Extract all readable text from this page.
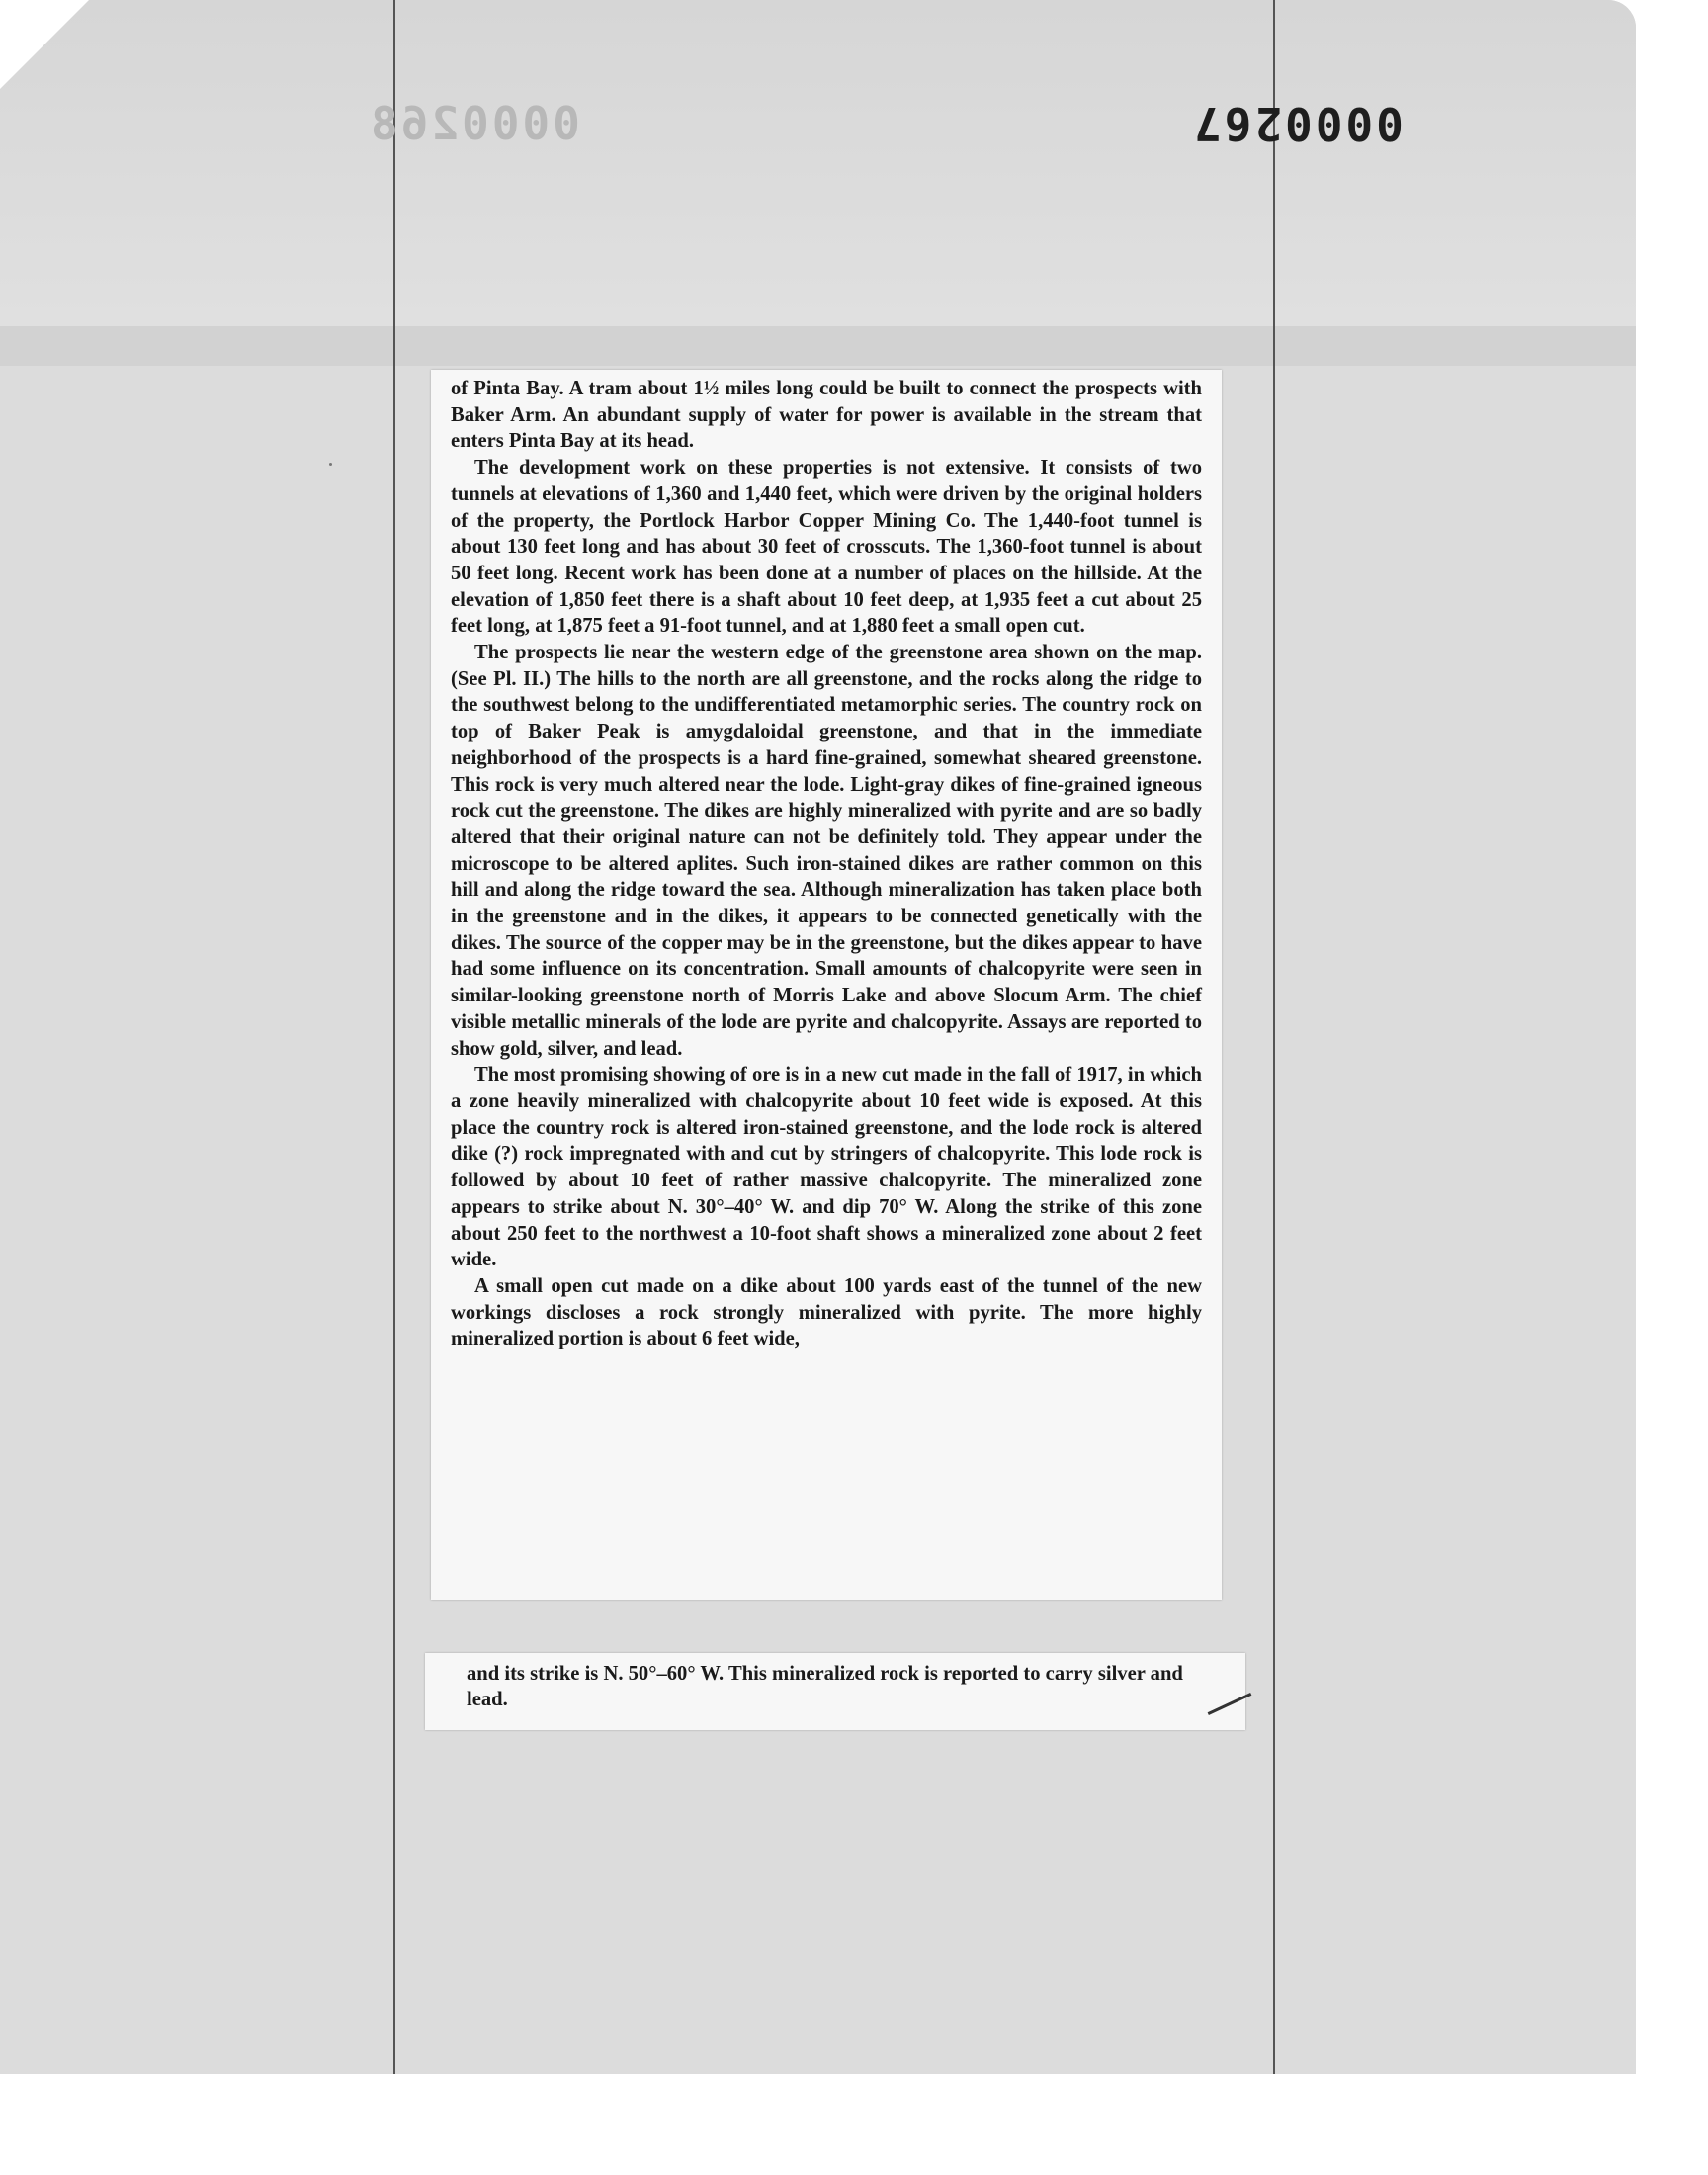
0000268	0000267

of Pinta Bay. A tram about 1½ miles long could be built to connect the prospects with Baker Arm. An abundant supply of water for power is available in the stream that enters Pinta Bay at its head.

The development work on these properties is not extensive. It consists of two tunnels at elevations of 1,360 and 1,440 feet, which were driven by the original holders of the property, the Portlock Harbor Copper Mining Co. The 1,440-foot tunnel is about 130 feet long and has about 30 feet of crosscuts. The 1,360-foot tunnel is about 50 feet long. Recent work has been done at a number of places on the hillside. At the elevation of 1,850 feet there is a shaft about 10 feet deep, at 1,935 feet a cut about 25 feet long, at 1,875 feet a 91-foot tunnel, and at 1,880 feet a small open cut.

The prospects lie near the western edge of the greenstone area shown on the map. (See Pl. II.) The hills to the north are all greenstone, and the rocks along the ridge to the southwest belong to the undifferentiated metamorphic series. The country rock on top of Baker Peak is amygdaloidal greenstone, and that in the immediate neighborhood of the prospects is a hard fine-grained, somewhat sheared greenstone. This rock is very much altered near the lode. Light-gray dikes of fine-grained igneous rock cut the greenstone. The dikes are highly mineralized with pyrite and are so badly altered that their original nature can not be definitely told. They appear under the microscope to be altered aplites. Such iron-stained dikes are rather common on this hill and along the ridge toward the sea. Although mineralization has taken place both in the greenstone and in the dikes, it appears to be connected genetically with the dikes. The source of the copper may be in the greenstone, but the dikes appear to have had some influence on its concentration. Small amounts of chalcopyrite were seen in similar-looking greenstone north of Morris Lake and above Slocum Arm. The chief visible metallic minerals of the lode are pyrite and chalcopyrite. Assays are reported to show gold, silver, and lead.

The most promising showing of ore is in a new cut made in the fall of 1917, in which a zone heavily mineralized with chalcopyrite about 10 feet wide is exposed. At this place the country rock is altered iron-stained greenstone, and the lode rock is altered dike (?) rock impregnated with and cut by stringers of chalcopyrite. This lode rock is followed by about 10 feet of rather massive chalcopyrite. The mineralized zone appears to strike about N. 30°–40° W. and dip 70° W. Along the strike of this zone about 250 feet to the northwest a 10-foot shaft shows a mineralized zone about 2 feet wide.

A small open cut made on a dike about 100 yards east of the tunnel of the new workings discloses a rock strongly mineralized with pyrite. The more highly mineralized portion is about 6 feet wide,

and its strike is N. 50°–60° W. This mineralized rock is reported to carry silver and lead.
